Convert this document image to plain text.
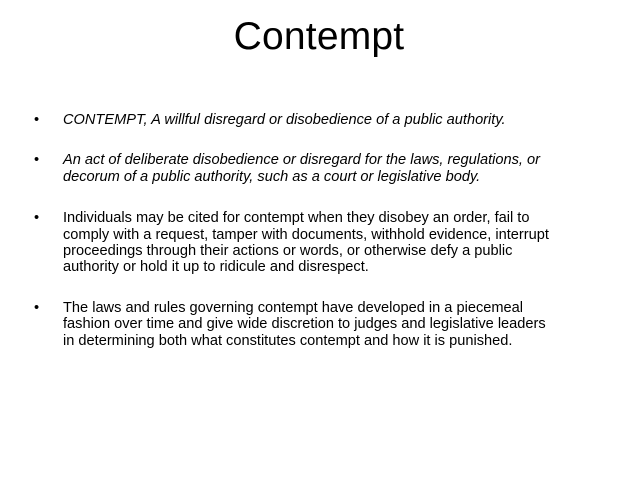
Contempt
• CONTEMPT, A willful disregard or disobedience of a public authority.
• An act of deliberate disobedience or disregard for the laws, regulations, or
decorum of a public authority, such as a court or legislative body.
• Individuals may be cited for contempt when they disobey an order, fail to
comply with a request, tamper with documents, withhold evidence, interrupt
proceedings through their actions or words, or otherwise defy a public
authority or hold it up to ridicule and disrespect.
• The laws and rules governing contempt have developed in a piecemeal
fashion over time and give wide discretion to judges and legislative leaders
in determining both what constitutes contempt and how it is punished.
